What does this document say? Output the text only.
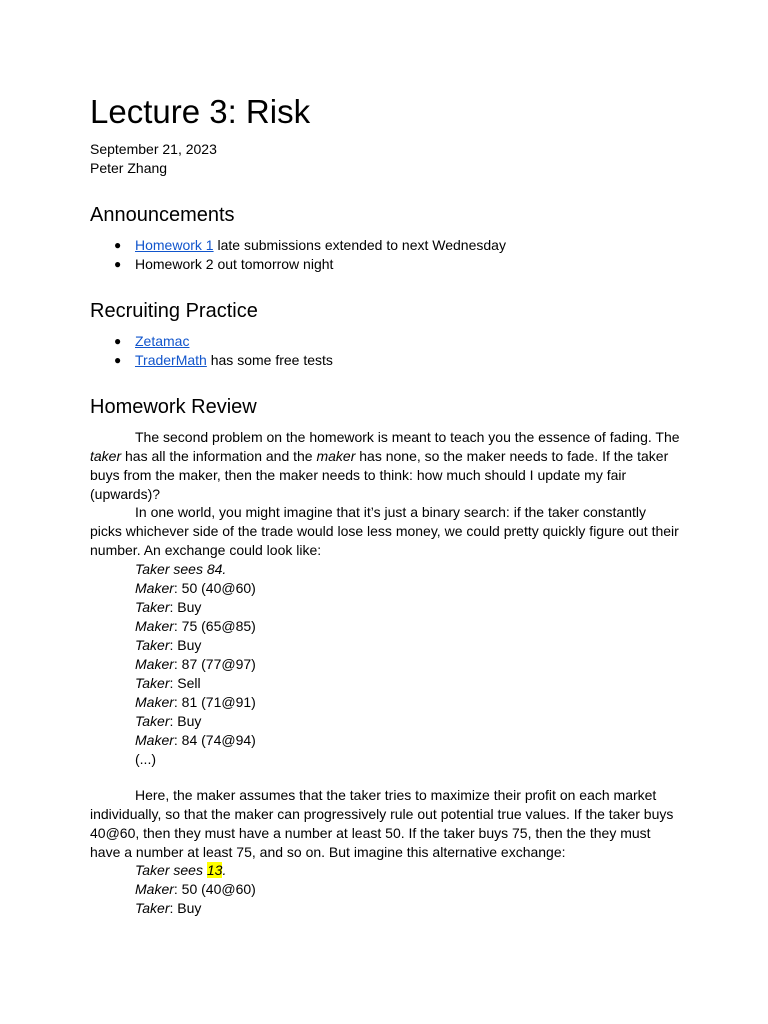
Lecture 3: Risk
September 21, 2023
Peter Zhang
Announcements
● Homework 1 late submissions extended to next Wednesday
● Homework 2 out tomorrow night
Recruiting Practice
● Zetamac
● TraderMath has some free tests
Homework Review
The second problem on the homework is meant to teach you the essence of fading. The taker has all the information and the maker has none, so the maker needs to fade. If the taker buys from the maker, then the maker needs to think: how much should I update my fair (upwards)?
In one world, you might imagine that it’s just a binary search: if the taker constantly picks whichever side of the trade would lose less money, we could pretty quickly figure out their number. An exchange could look like:
Taker sees 84.
Maker: 50 (40@60)
Taker: Buy
Maker: 75 (65@85)
Taker: Buy
Maker: 87 (77@97)
Taker: Sell
Maker: 81 (71@91)
Taker: Buy
Maker: 84 (74@94)
(...)
Here, the maker assumes that the taker tries to maximize their profit on each market individually, so that the maker can progressively rule out potential true values. If the taker buys 40@60, then they must have a number at least 50. If the taker buys 75, then the they must have a number at least 75, and so on. But imagine this alternative exchange:
Taker sees 13.
Maker: 50 (40@60)
Taker: Buy
